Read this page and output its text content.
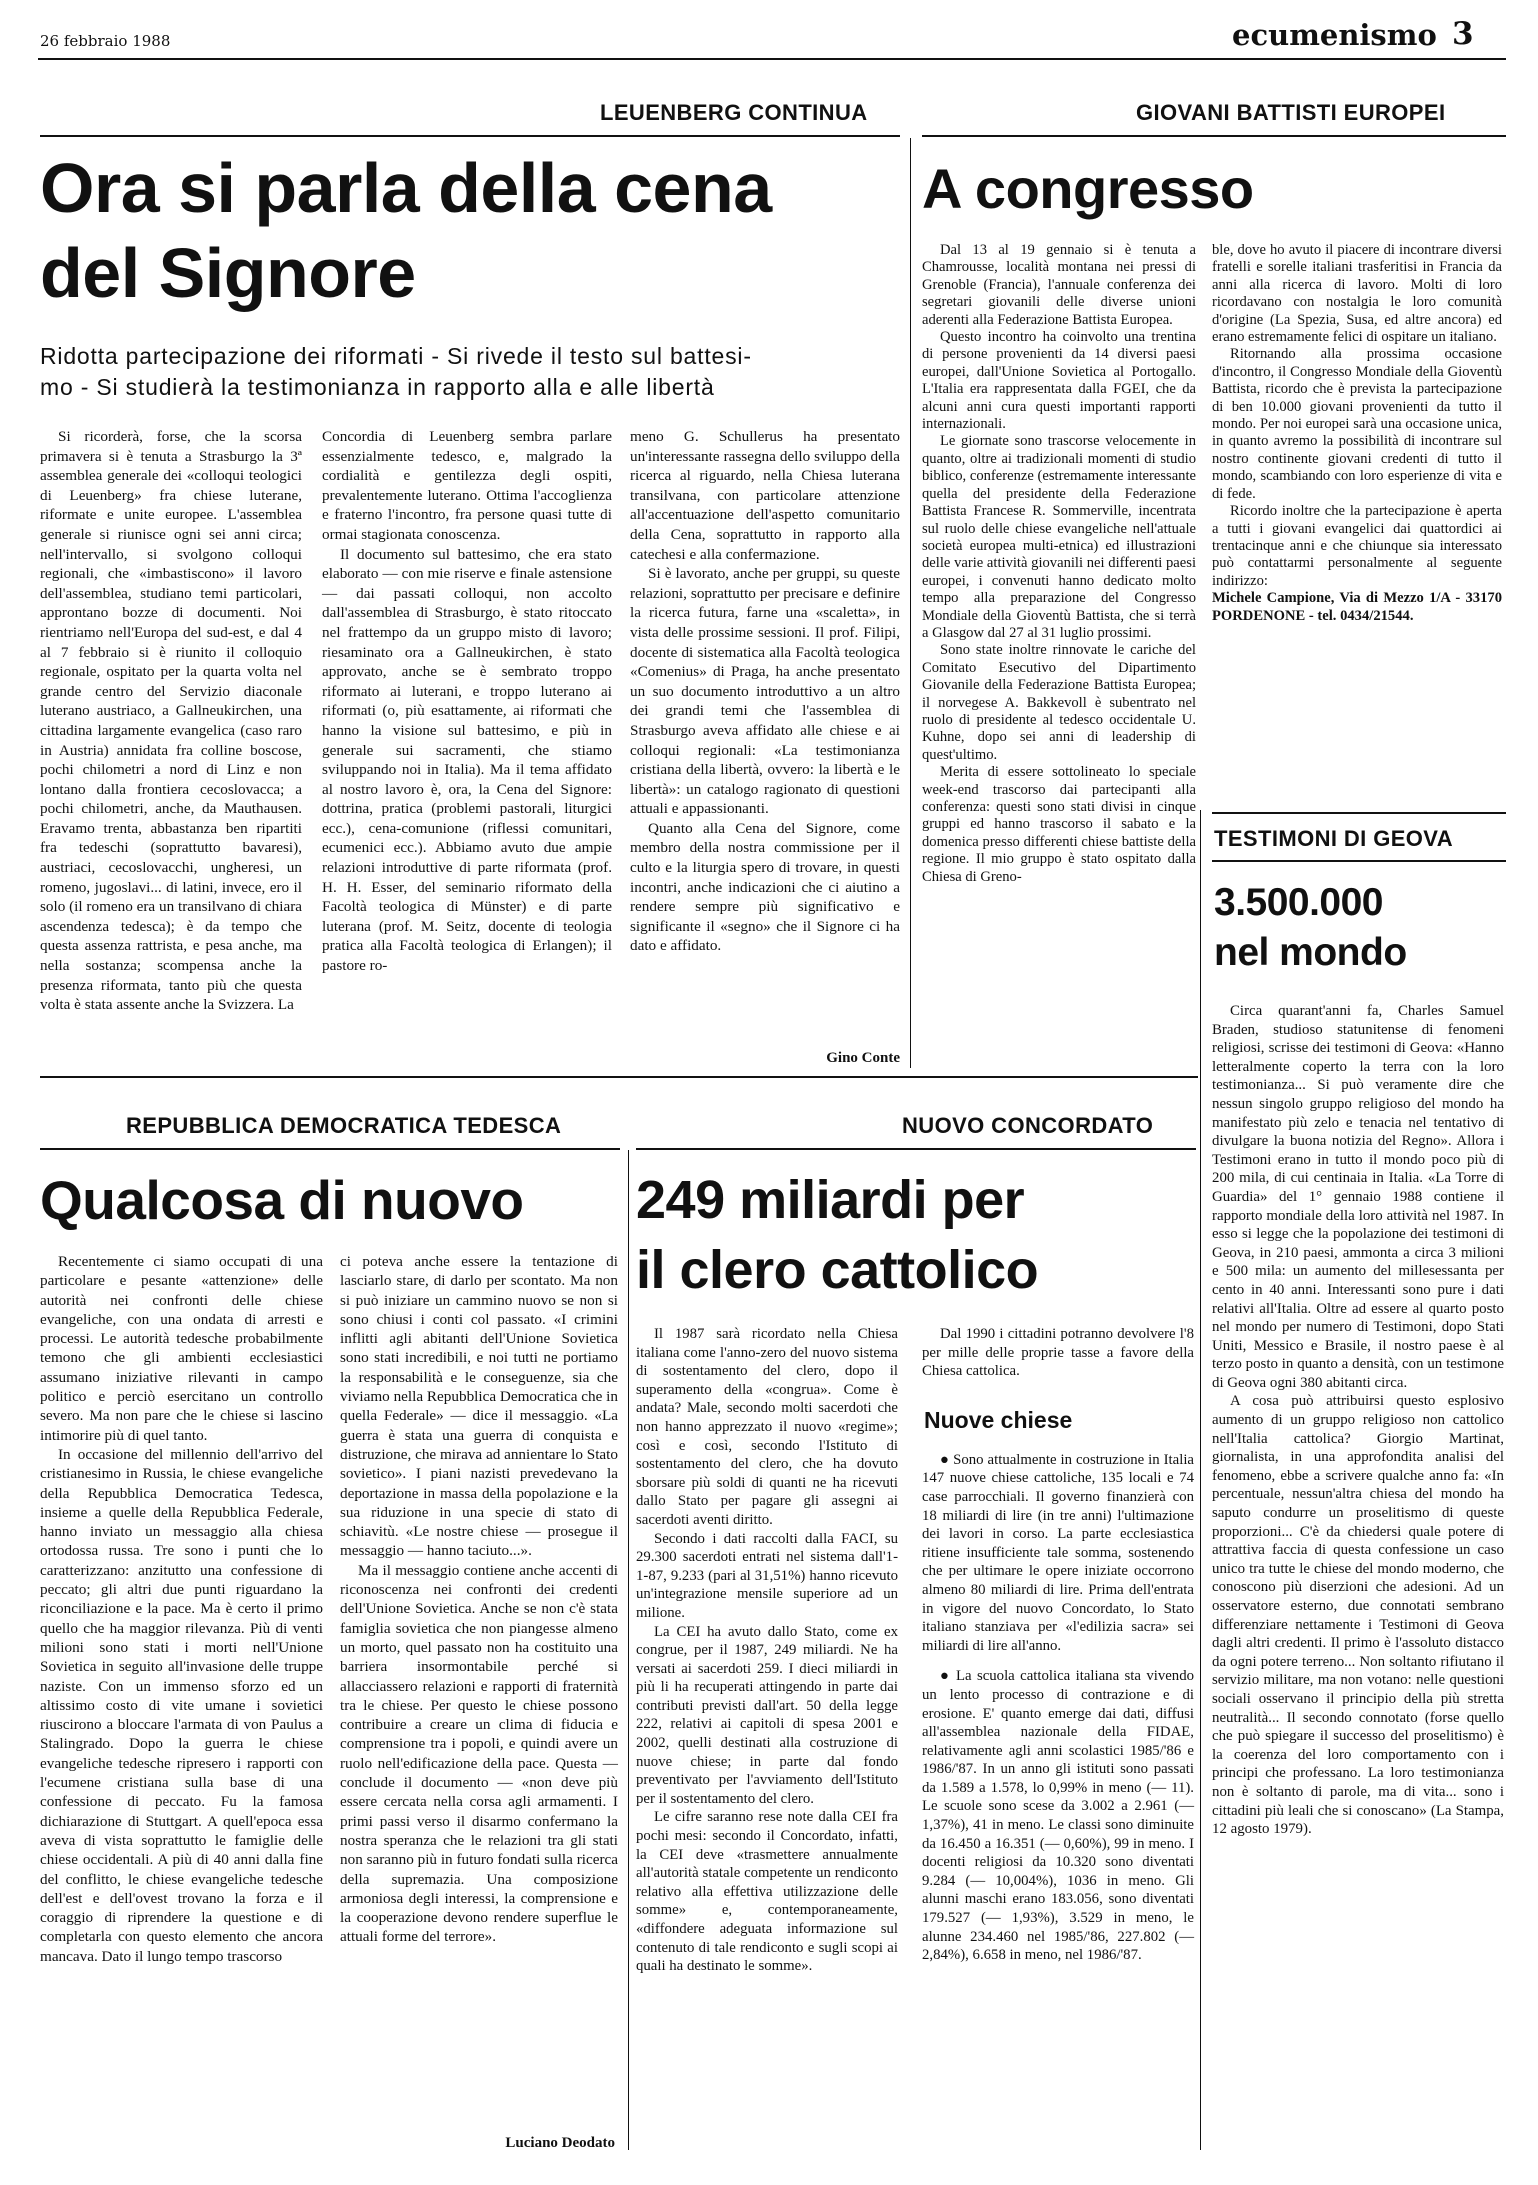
26 febbraio 1988	ecumenismo 3
LEUENBERG CONTINUA
Ora si parla della cena
del Signore
Ridotta partecipazione dei riformati - Si rivede il testo sul battesi-
mo - Si studierà la testimonianza in rapporto alla e alle libertà

Si ricorderà, forse, che la scorsa primavera si è tenuta a Strasburgo la 3ª assemblea generale dei «colloqui teologici di Leuenberg» fra chiese luterane, riformate e unite europee. L'assemblea generale si riunisce ogni sei anni circa; nell'intervallo, si svolgono colloqui regionali, che «imbastiscono» il lavoro dell'assemblea, studiano temi particolari, approntano bozze di documenti. Noi rientriamo nell'Europa del sud-est, e dal 4 al 7 febbraio si è riunito il colloquio regionale, ospitato per la quarta volta nel grande centro del Servizio diaconale luterano austriaco, a Gallneukirchen, una cittadina largamente evangelica (caso raro in Austria) annidata fra colline boscose, pochi chilometri a nord di Linz e non lontano dalla frontiera cecoslovacca; a pochi chilometri, anche, da Mauthausen. Eravamo trenta, abbastanza ben ripartiti fra tedeschi (soprattutto bavaresi), austriaci, cecoslovacchi, ungheresi, un romeno, jugoslavi... di latini, invece, ero il solo (il romeno era un transilvano di chiara ascendenza tedesca); è da tempo che questa assenza rattrista, e pesa anche, ma nella sostanza; scompensa anche la presenza riformata, tanto più che questa volta è stata assente anche la Svizzera. La

Concordia di Leuenberg sembra parlare essenzialmente tedesco, e, malgrado la cordialità e gentilezza degli ospiti, prevalentemente luterano. Ottima l'accoglienza e fraterno l'incontro, fra persone quasi tutte di ormai stagionata conoscenza.

Il documento sul battesimo, che era stato elaborato — con mie riserve e finale astensione — dai passati colloqui, non accolto dall'assemblea di Strasburgo, è stato ritoccato nel frattempo da un gruppo misto di lavoro; riesaminato ora a Gallneukirchen, è stato approvato, anche se è sembrato troppo riformato ai luterani, e troppo luterano ai riformati (o, più esattamente, ai riformati che hanno la visione sul battesimo, e più in generale sui sacramenti, che stiamo sviluppando noi in Italia). Ma il tema affidato al nostro lavoro è, ora, la Cena del Signore: dottrina, pratica (problemi pastorali, liturgici ecc.), cena-comunione (riflessi comunitari, ecumenici ecc.). Abbiamo avuto due ampie relazioni introduttive di parte riformata (prof. H. H. Esser, del seminario riformato della Facoltà teologica di Münster) e di parte luterana (prof. M. Seitz, docente di teologia pratica alla Facoltà teologica di Erlangen); il pastore ro-

meno G. Schullerus ha presentato un'interessante rassegna dello sviluppo della ricerca al riguardo, nella Chiesa luterana transilvana, con particolare attenzione all'accentuazione dell'aspetto comunitario della Cena, soprattutto in rapporto alla catechesi e alla confermazione.

Si è lavorato, anche per gruppi, su queste relazioni, soprattutto per precisare e definire la ricerca futura, farne una «scaletta», in vista delle prossime sessioni. Il prof. Filipi, docente di sistematica alla Facoltà teologica «Comenius» di Praga, ha anche presentato un suo documento introduttivo a un altro dei grandi temi che l'assemblea di Strasburgo aveva affidato alle chiese e ai colloqui regionali: «La testimonianza cristiana della libertà, ovvero: la libertà e le libertà»: un catalogo ragionato di questioni attuali e appassionanti.

Quanto alla Cena del Signore, come membro della nostra commissione per il culto e la liturgia spero di trovare, in questi incontri, anche indicazioni che ci aiutino a rendere sempre più significativo e significante il «segno» che il Signore ci ha dato e affidato.

Gino Conte
GIOVANI BATTISTI EUROPEI
A congresso

Dal 13 al 19 gennaio si è tenuta a Chamrousse, località montana nei pressi di Grenoble (Francia), l'annuale conferenza dei segretari giovanili delle diverse unioni aderenti alla Federazione Battista Europea.

Questo incontro ha coinvolto una trentina di persone provenienti da 14 diversi paesi europei, dall'Unione Sovietica al Portogallo. L'Italia era rappresentata dalla FGEI, che da alcuni anni cura questi importanti rapporti internazionali.

Le giornate sono trascorse velocemente in quanto, oltre ai tradizionali momenti di studio biblico, conferenze (estremamente interessante quella del presidente della Federazione Battista Francese R. Sommerville, incentrata sul ruolo delle chiese evangeliche nell'attuale società europea multi-etnica) ed illustrazioni delle varie attività giovanili nei differenti paesi europei, i convenuti hanno dedicato molto tempo alla preparazione del Congresso Mondiale della Gioventù Battista, che si terrà a Glasgow dal 27 al 31 luglio prossimi.

Sono state inoltre rinnovate le cariche del Comitato Esecutivo del Dipartimento Giovanile della Federazione Battista Europea; il norvegese A. Bakkevoll è subentrato nel ruolo di presidente al tedesco occidentale U. Kuhne, dopo sei anni di leadership di quest'ultimo.

Merita di essere sottolineato lo speciale week-end trascorso dai partecipanti alla conferenza: questi sono stati divisi in cinque gruppi ed hanno trascorso il sabato e la domenica presso differenti chiese battiste della regione. Il mio gruppo è stato ospitato dalla Chiesa di Greno-

ble, dove ho avuto il piacere di incontrare diversi fratelli e sorelle italiani trasferitisi in Francia da anni alla ricerca di lavoro. Molti di loro ricordavano con nostalgia le loro comunità d'origine (La Spezia, Susa, ed altre ancora) ed erano estremamente felici di ospitare un italiano.

Ritornando alla prossima occasione d'incontro, il Congresso Mondiale della Gioventù Battista, ricordo che è prevista la partecipazione di ben 10.000 giovani provenienti da tutto il mondo. Per noi europei sarà una occasione unica, in quanto avremo la possibilità di incontrare sul nostro continente giovani credenti di tutto il mondo, scambiando con loro esperienze di vita e di fede.

Ricordo inoltre che la partecipazione è aperta a tutti i giovani evangelici dai quattordici ai trentacinque anni e che chiunque sia interessato può contattarmi personalmente al seguente indirizzo:

Michele Campione, Via di Mezzo 1/A - 33170 PORDENONE - tel. 0434/21544.

TESTIMONI DI GEOVA
3.500.000
nel mondo

Circa quarant'anni fa, Charles Samuel Braden, studioso statunitense di fenomeni religiosi, scrisse dei testimoni di Geova: «Hanno letteralmente coperto la terra con la loro testimonianza... Si può veramente dire che nessun singolo gruppo religioso del mondo ha manifestato più zelo e tenacia nel tentativo di divulgare la buona notizia del Regno». Allora i Testimoni erano in tutto il mondo poco più di 200 mila, di cui centinaia in Italia. «La Torre di Guardia» del 1° gennaio 1988 contiene il rapporto mondiale della loro attività nel 1987. In esso si legge che la popolazione dei testimoni di Geova, in 210 paesi, ammonta a circa 3 milioni e 500 mila: un aumento del millesessanta per cento in 40 anni. Interessanti sono pure i dati relativi all'Italia. Oltre ad essere al quarto posto nel mondo per numero di Testimoni, dopo Stati Uniti, Messico e Brasile, il nostro paese è al terzo posto in quanto a densità, con un testimone di Geova ogni 380 abitanti circa.

A cosa può attribuirsi questo esplosivo aumento di un gruppo religioso non cattolico nell'Italia cattolica? Giorgio Martinat, giornalista, in una approfondita analisi del fenomeno, ebbe a scrivere qualche anno fa: «In percentuale, nessun'altra chiesa del mondo ha saputo condurre un proselitismo di queste proporzioni... C'è da chiedersi quale potere di attrattiva faccia di questa confessione un caso unico tra tutte le chiese del mondo moderno, che conoscono più diserzioni che adesioni. Ad un osservatore esterno, due connotati sembrano differenziare nettamente i Testimoni di Geova dagli altri credenti. Il primo è l'assoluto distacco da ogni potere terreno... Non soltanto rifiutano il servizio militare, ma non votano: nelle questioni sociali osservano il principio della più stretta neutralità... Il secondo connotato (forse quello che può spiegare il successo del proselitismo) è la coerenza del loro comportamento con i principi che professano. La loro testimonianza non è soltanto di parole, ma di vita... sono i cittadini più leali che si conoscano» (La Stampa, 12 agosto 1979).

REPUBBLICA DEMOCRATICA TEDESCA
Qualcosa di nuovo

Recentemente ci siamo occupati di una particolare e pesante «attenzione» delle autorità nei confronti delle chiese evangeliche, con una ondata di arresti e processi. Le autorità tedesche probabilmente temono che gli ambienti ecclesiastici assumano iniziative rilevanti in campo politico e perciò esercitano un controllo severo. Ma non pare che le chiese si lascino intimorire più di quel tanto.

In occasione del millennio dell'arrivo del cristianesimo in Russia, le chiese evangeliche della Repubblica Democratica Tedesca, insieme a quelle della Repubblica Federale, hanno inviato un messaggio alla chiesa ortodossa russa. Tre sono i punti che lo caratterizzano: anzitutto una confessione di peccato; gli altri due punti riguardano la riconciliazione e la pace. Ma è certo il primo quello che ha maggior rilevanza. Più di venti milioni sono stati i morti nell'Unione Sovietica in seguito all'invasione delle truppe naziste. Con un immenso sforzo ed un altissimo costo di vite umane i sovietici riuscirono a bloccare l'armata di von Paulus a Stalingrado. Dopo la guerra le chiese evangeliche tedesche ripresero i rapporti con l'ecumene cristiana sulla base di una confessione di peccato. Fu la famosa dichiarazione di Stuttgart. A quell'epoca essa aveva di vista soprattutto le famiglie delle chiese occidentali. A più di 40 anni dalla fine del conflitto, le chiese evangeliche tedesche dell'est e dell'ovest trovano la forza e il coraggio di riprendere la questione e di completarla con questo elemento che ancora mancava. Dato il lungo tempo trascorso

ci poteva anche essere la tentazione di lasciarlo stare, di darlo per scontato. Ma non si può iniziare un cammino nuovo se non si sono chiusi i conti col passato. «I crimini inflitti agli abitanti dell'Unione Sovietica sono stati incredibili, e noi tutti ne portiamo la responsabilità e le conseguenze, sia che viviamo nella Repubblica Democratica che in quella Federale» — dice il messaggio. «La guerra è stata una guerra di conquista e distruzione, che mirava ad annientare lo Stato sovietico». I piani nazisti prevedevano la deportazione in massa della popolazione e la sua riduzione in una specie di stato di schiavitù. «Le nostre chiese — prosegue il messaggio — hanno taciuto...».

Ma il messaggio contiene anche accenti di riconoscenza nei confronti dei credenti dell'Unione Sovietica. Anche se non c'è stata famiglia sovietica che non piangesse almeno un morto, quel passato non ha costituito una barriera insormontabile perché si allacciassero relazioni e rapporti di fraternità tra le chiese. Per questo le chiese possono contribuire a creare un clima di fiducia e comprensione tra i popoli, e quindi avere un ruolo nell'edificazione della pace. Questa — conclude il documento — «non deve più essere cercata nella corsa agli armamenti. I primi passi verso il disarmo confermano la nostra speranza che le relazioni tra gli stati non saranno più in futuro fondati sulla ricerca della supremazia. Una composizione armoniosa degli interessi, la comprensione e la cooperazione devono rendere superflue le attuali forme del terrore».

Luciano Deodato
NUOVO CONCORDATO
249 miliardi per
il clero cattolico

Il 1987 sarà ricordato nella Chiesa italiana come l'anno-zero del nuovo sistema di sostentamento del clero, dopo il superamento della «congrua». Come è andata? Male, secondo molti sacerdoti che non hanno apprezzato il nuovo «regime»; così e così, secondo l'Istituto di sostentamento del clero, che ha dovuto sborsare più soldi di quanti ne ha ricevuti dallo Stato per pagare gli assegni ai sacerdoti aventi diritto.

Secondo i dati raccolti dalla FACI, su 29.300 sacerdoti entrati nel sistema dall'1-1-87, 9.233 (pari al 31,51%) hanno ricevuto un'integrazione mensile superiore ad un milione.

La CEI ha avuto dallo Stato, come ex congrue, per il 1987, 249 miliardi. Ne ha versati ai sacerdoti 259. I dieci miliardi in più li ha recuperati attingendo in parte dai contributi previsti dall'art. 50 della legge 222, relativi ai capitoli di spesa 2001 e 2002, quelli destinati alla costruzione di nuove chiese; in parte dal fondo preventivato per l'avviamento dell'Istituto per il sostentamento del clero.

Le cifre saranno rese note dalla CEI fra pochi mesi: secondo il Concordato, infatti, la CEI deve «trasmettere annualmente all'autorità statale competente un rendiconto relativo alla effettiva utilizzazione delle somme» e, contemporaneamente, «diffondere adeguata informazione sul contenuto di tale rendiconto e sugli scopi ai quali ha destinato le somme».

Dal 1990 i cittadini potranno devolvere l'8 per mille delle proprie tasse a favore della Chiesa cattolica.

Nuove chiese

● Sono attualmente in costruzione in Italia 147 nuove chiese cattoliche, 135 locali e 74 case parrocchiali. Il governo finanzierà con 18 miliardi di lire (in tre anni) l'ultimazione dei lavori in corso. La parte ecclesiastica ritiene insufficiente tale somma, sostenendo che per ultimare le opere iniziate occorrono almeno 80 miliardi di lire. Prima dell'entrata in vigore del nuovo Concordato, lo Stato italiano stanziava per «l'edilizia sacra» sei miliardi di lire all'anno.

● La scuola cattolica italiana sta vivendo un lento processo di contrazione e di erosione. E' quanto emerge dai dati, diffusi all'assemblea nazionale della FIDAE, relativamente agli anni scolastici 1985/'86 e 1986/'87. In un anno gli istituti sono passati da 1.589 a 1.578, lo 0,99% in meno (— 11). Le scuole sono scese da 3.002 a 2.961 (— 1,37%), 41 in meno. Le classi sono diminuite da 16.450 a 16.351 (— 0,60%), 99 in meno. I docenti religiosi da 10.320 sono diventati 9.284 (— 10,004%), 1036 in meno. Gli alunni maschi erano 183.056, sono diventati 179.527 (— 1,93%), 3.529 in meno, le alunne 234.460 nel 1985/'86, 227.802 (— 2,84%), 6.658 in meno, nel 1986/'87.
